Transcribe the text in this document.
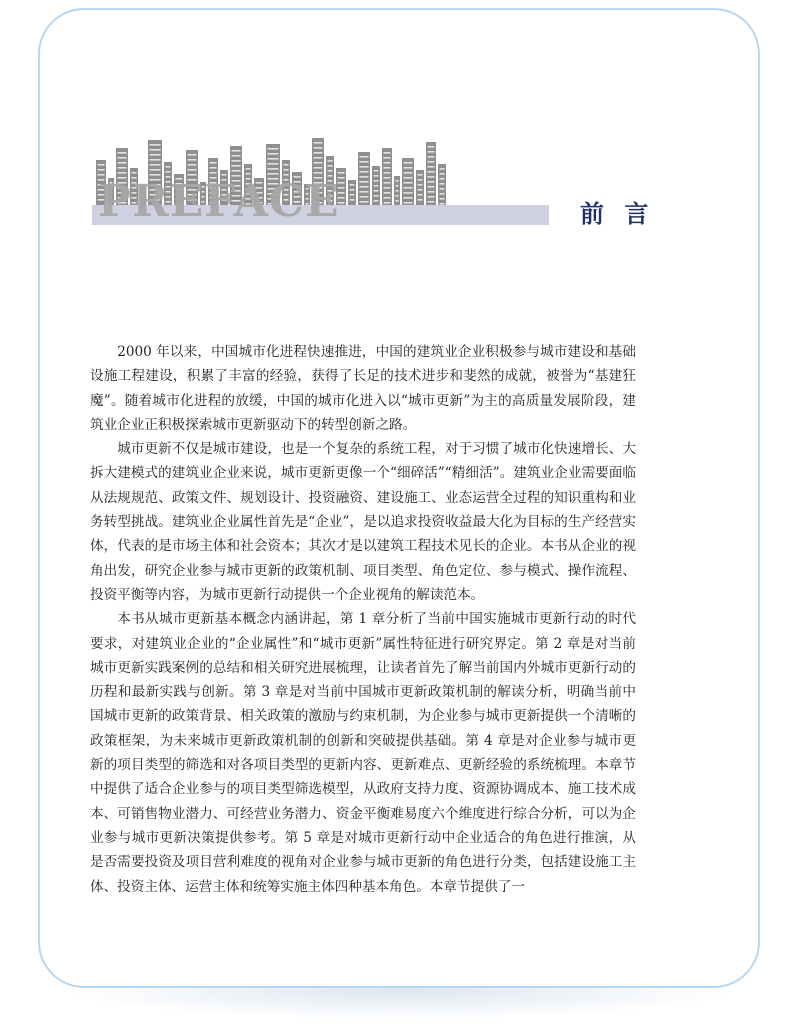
PREFACE	前 言

2000 年以来，中国城市化进程快速推进，中国的建筑业企业积极参与城市建设和基础设施工程建设，积累了丰富的经验，获得了长足的技术进步和斐然的成就，被誉为“基建狂魔”。随着城市化进程的放缓，中国的城市化进入以“城市更新”为主的高质量发展阶段，建筑业企业正积极探索城市更新驱动下的转型创新之路。

城市更新不仅是城市建设，也是一个复杂的系统工程，对于习惯了城市化快速增长、大拆大建模式的建筑业企业来说，城市更新更像一个“细碎活”“精细活”。建筑业企业需要面临从法规规范、政策文件、规划设计、投资融资、建设施工、业态运营全过程的知识重构和业务转型挑战。建筑业企业属性首先是“企业”，是以追求投资收益最大化为目标的生产经营实体，代表的是市场主体和社会资本；其次才是以建筑工程技术见长的企业。本书从企业的视角出发，研究企业参与城市更新的政策机制、项目类型、角色定位、参与模式、操作流程、投资平衡等内容，为城市更新行动提供一个企业视角的解读范本。

本书从城市更新基本概念内涵讲起，第 1 章分析了当前中国实施城市更新行动的时代要求，对建筑业企业的“企业属性”和“城市更新”属性特征进行研究界定。第 2 章是对当前城市更新实践案例的总结和相关研究进展梳理，让读者首先了解当前国内外城市更新行动的历程和最新实践与创新。第 3 章是对当前中国城市更新政策机制的解读分析，明确当前中国城市更新的政策背景、相关政策的激励与约束机制，为企业参与城市更新提供一个清晰的政策框架，为未来城市更新政策机制的创新和突破提供基础。第 4 章是对企业参与城市更新的项目类型的筛选和对各项目类型的更新内容、更新难点、更新经验的系统梳理。本章节中提供了适合企业参与的项目类型筛选模型，从政府支持力度、资源协调成本、施工技术成本、可销售物业潜力、可经营业务潜力、资金平衡难易度六个维度进行综合分析，可以为企业参与城市更新决策提供参考。第 5 章是对城市更新行动中企业适合的角色进行推演，从是否需要投资及项目营利难度的视角对企业参与城市更新的角色进行分类，包括建设施工主体、投资主体、运营主体和统筹实施主体四种基本角色。本章节提供了一
